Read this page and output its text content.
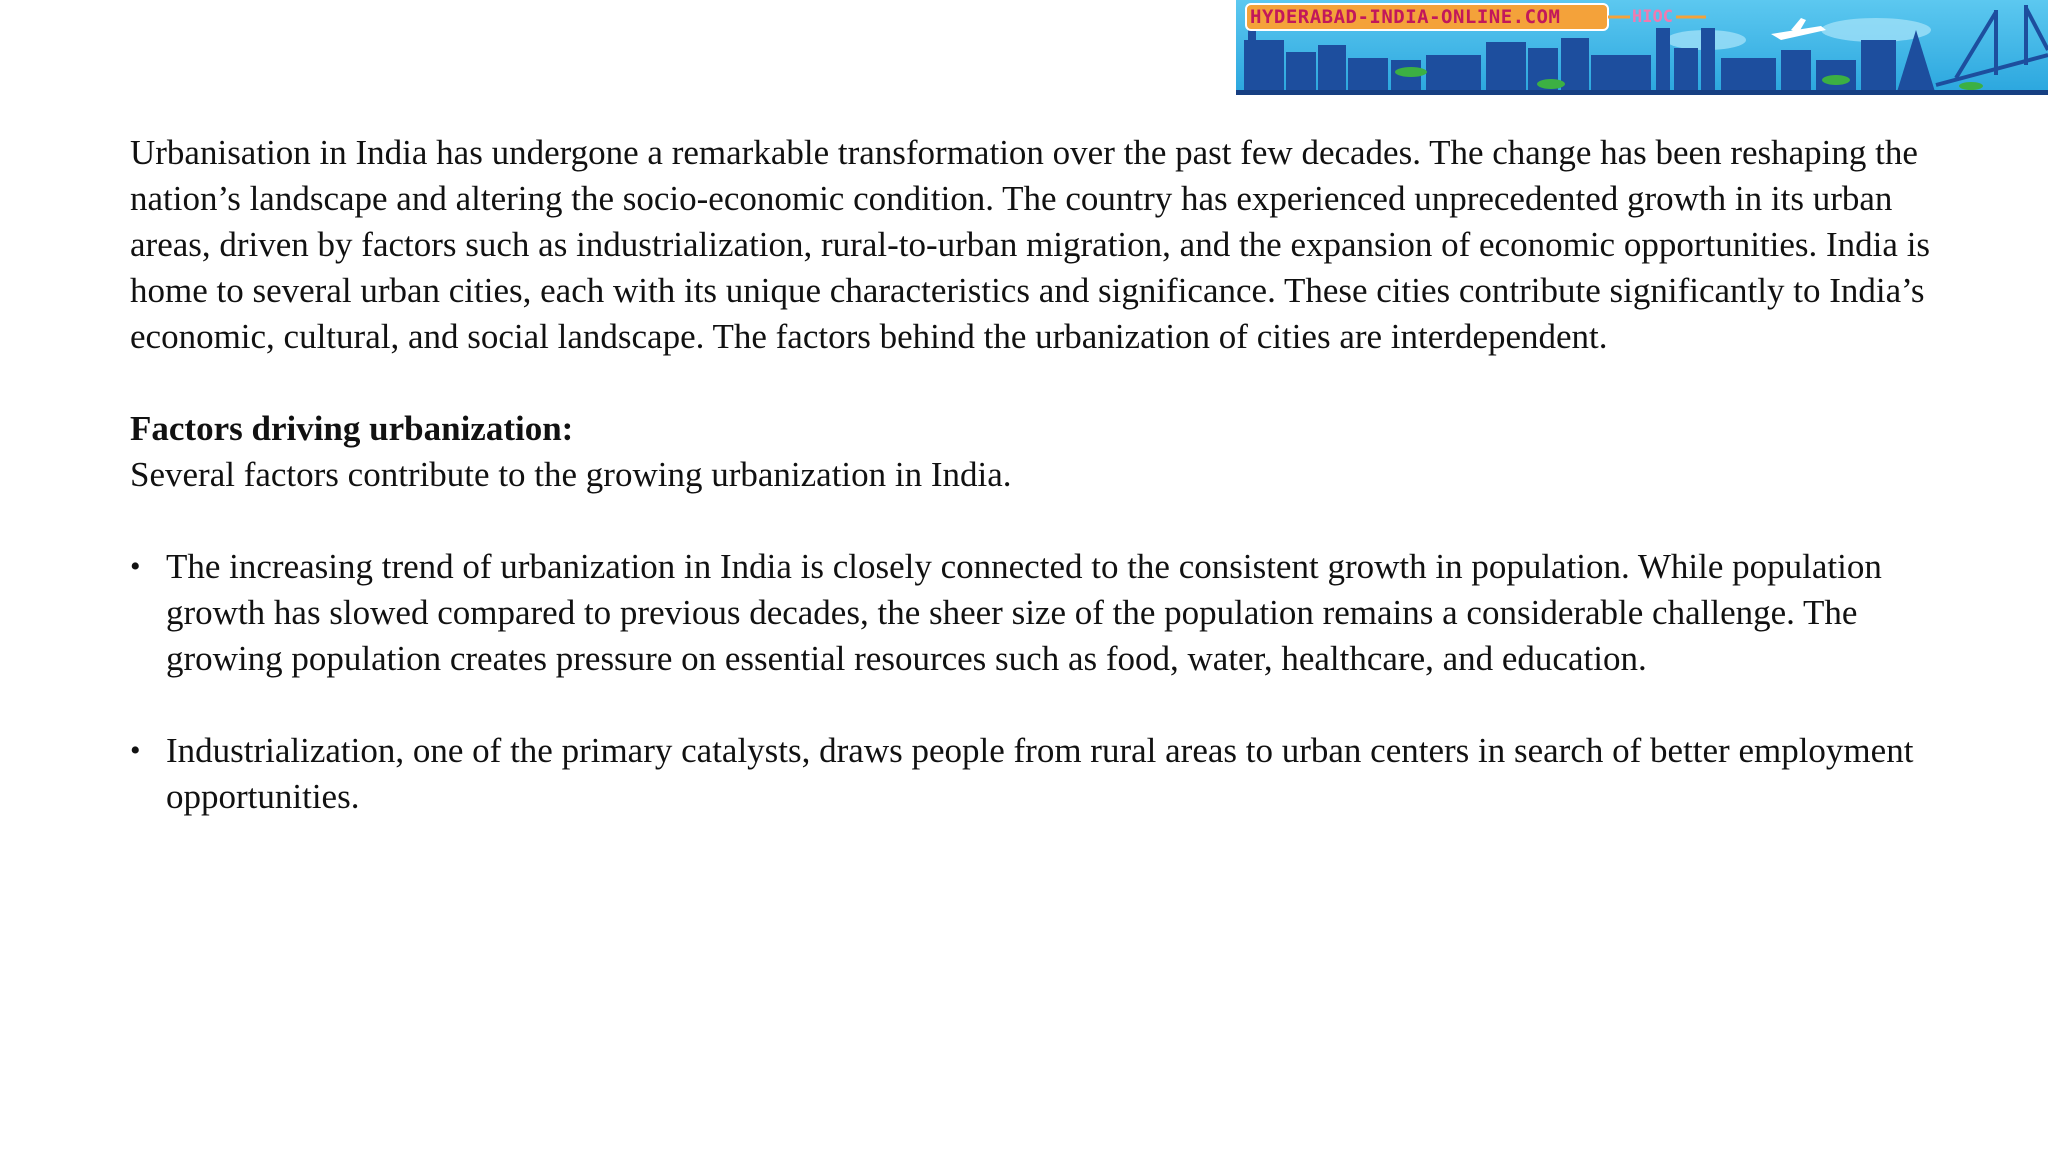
HYDERABAD-INDIA-ONLINE.COM	HIOC

Urbanisation in India has undergone a remarkable transformation over the past few decades. The change has been reshaping the nation’s landscape and altering the socio-economic condition. The country has experienced unprecedented growth in its urban areas, driven by factors such as industrialization, rural-to-urban migration, and the expansion of economic opportunities. India is home to several urban cities, each with its unique characteristics and significance. These cities contribute significantly to India’s economic, cultural, and social landscape. The factors behind the urbanization of cities are interdependent.

Factors driving urbanization:

Several factors contribute to the growing urbanization in India.

• The increasing trend of urbanization in India is closely connected to the consistent growth in population. While population growth has slowed compared to previous decades, the sheer size of the population remains a considerable challenge. The growing population creates pressure on essential resources such as food, water, healthcare, and education.
• Industrialization, one of the primary catalysts, draws people from rural areas to urban centers in search of better employment opportunities.
